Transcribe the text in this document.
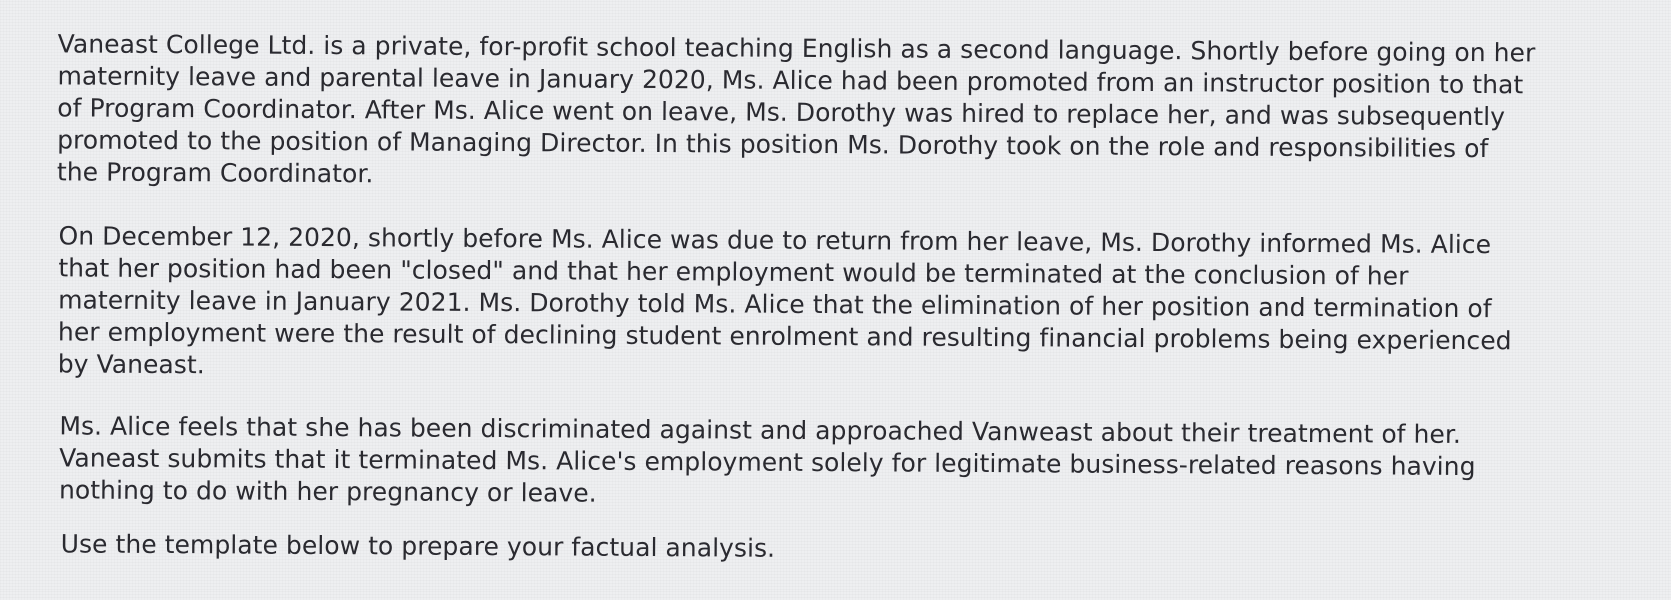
Vaneast College Ltd. is a private, for-profit school teaching English as a second language. Shortly before going on her
maternity leave and parental leave in January 2020, Ms. Alice had been promoted from an instructor position to that
of Program Coordinator. After Ms. Alice went on leave, Ms. Dorothy was hired to replace her, and was subsequently
promoted to the position of Managing Director. In this position Ms. Dorothy took on the role and responsibilities of
the Program Coordinator.

On December 12, 2020, shortly before Ms. Alice was due to return from her leave, Ms. Dorothy informed Ms. Alice
that her position had been "closed" and that her employment would be terminated at the conclusion of her
maternity leave in January 2021. Ms. Dorothy told Ms. Alice that the elimination of her position and termination of
her employment were the result of declining student enrolment and resulting financial problems being experienced
by Vaneast.

Ms. Alice feels that she has been discriminated against and approached Vanweast about their treatment of her.
Vaneast submits that it terminated Ms. Alice's employment solely for legitimate business-related reasons having
nothing to do with her pregnancy or leave.

Use the template below to prepare your factual analysis.
